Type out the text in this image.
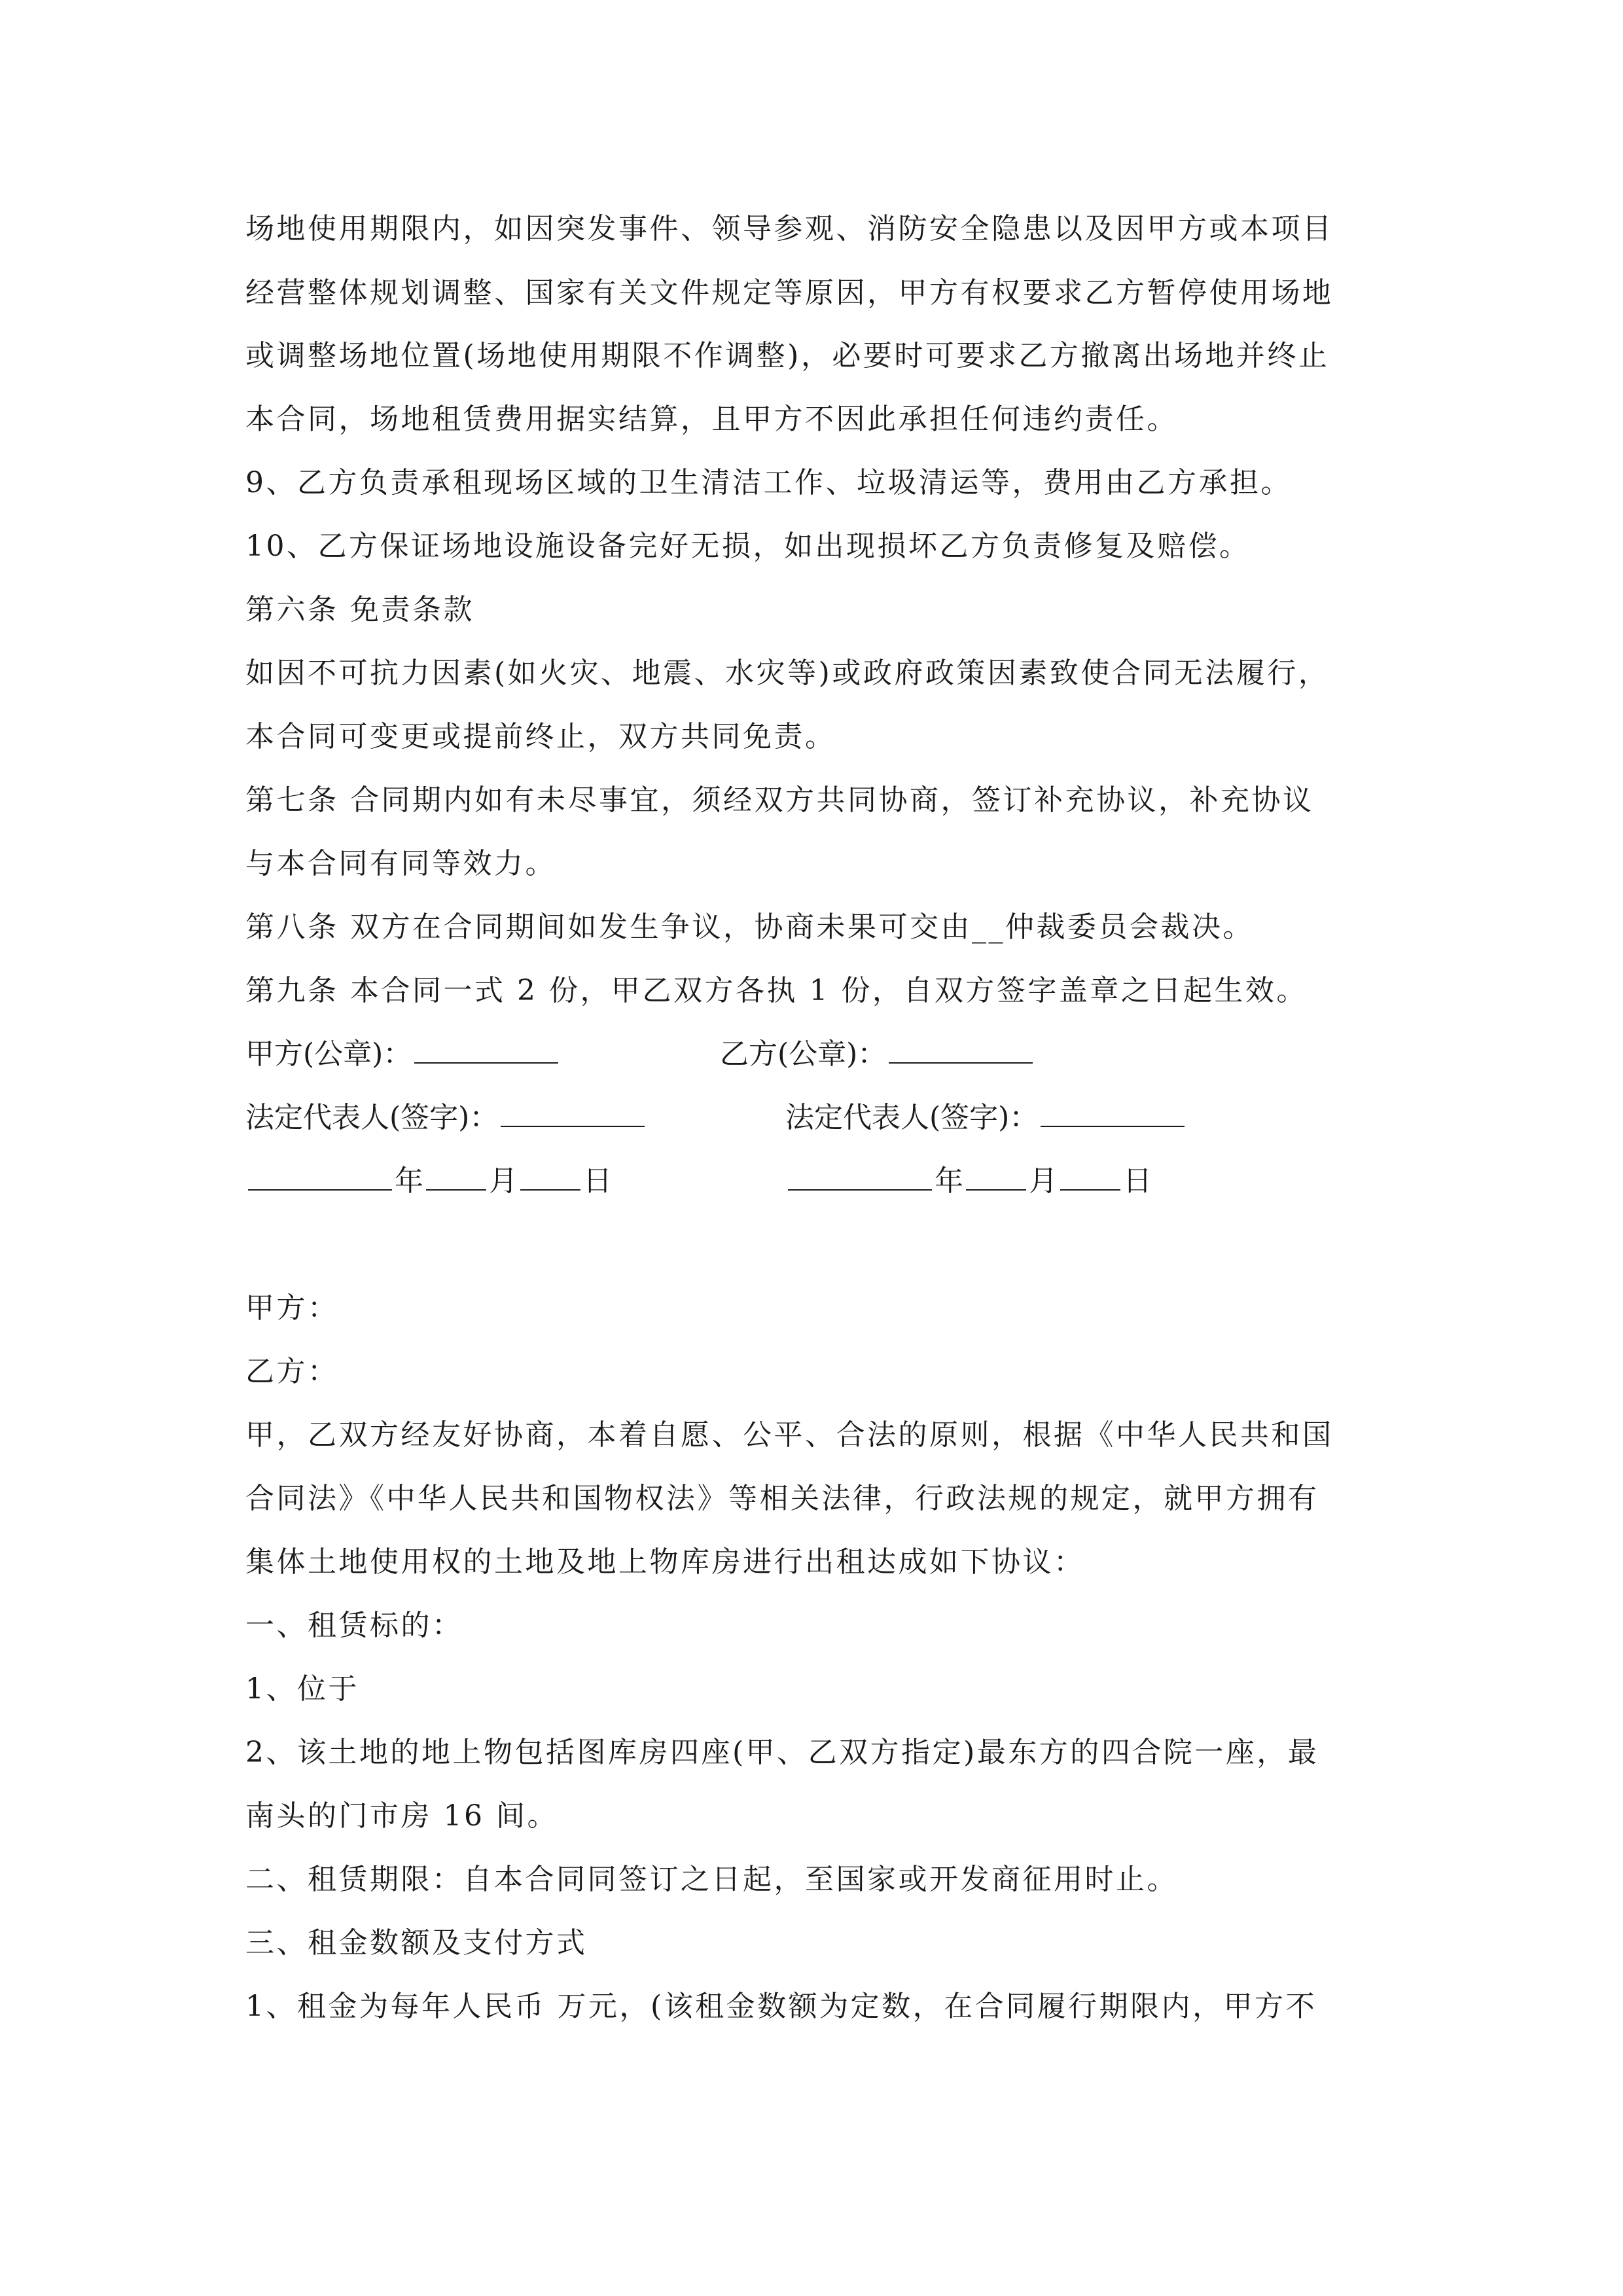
场地使用期限内，如因突发事件、领导参观、消防安全隐患以及因甲方或本项目
经营整体规划调整、国家有关文件规定等原因，甲方有权要求乙方暂停使用场地
或调整场地位置(场地使用期限不作调整)，必要时可要求乙方撤离出场地并终止
本合同，场地租赁费用据实结算，且甲方不因此承担任何违约责任。
9、乙方负责承租现场区域的卫生清洁工作、垃圾清运等，费用由乙方承担。
10、乙方保证场地设施设备完好无损，如出现损坏乙方负责修复及赔偿。
第六条 免责条款
如因不可抗力因素(如火灾、地震、水灾等)或政府政策因素致使合同无法履行，
本合同可变更或提前终止，双方共同免责。
第七条 合同期内如有未尽事宜，须经双方共同协商，签订补充协议，补充协议
与本合同有同等效力。
第八条 双方在合同期间如发生争议，协商未果可交由__仲裁委员会裁决。
第九条 本合同一式 2 份，甲乙双方各执 1 份，自双方签字盖章之日起生效。
甲方(公章)：	乙方(公章)：
法定代表人(签字)：	法定代表人(签字)：
年 月 日	年 月 日
甲方：
乙方：
甲，乙双方经友好协商，本着自愿、公平、合法的原则，根据《中华人民共和国
合同法》《中华人民共和国物权法》等相关法律，行政法规的规定，就甲方拥有
集体土地使用权的土地及地上物库房进行出租达成如下协议：
一、租赁标的：
1、位于
2、该土地的地上物包括图库房四座(甲、乙双方指定)最东方的四合院一座，最
南头的门市房 16 间。
二、租赁期限：自本合同同签订之日起，至国家或开发商征用时止。
三、租金数额及支付方式
1、租金为每年人民币 万元，(该租金数额为定数，在合同履行期限内，甲方不
